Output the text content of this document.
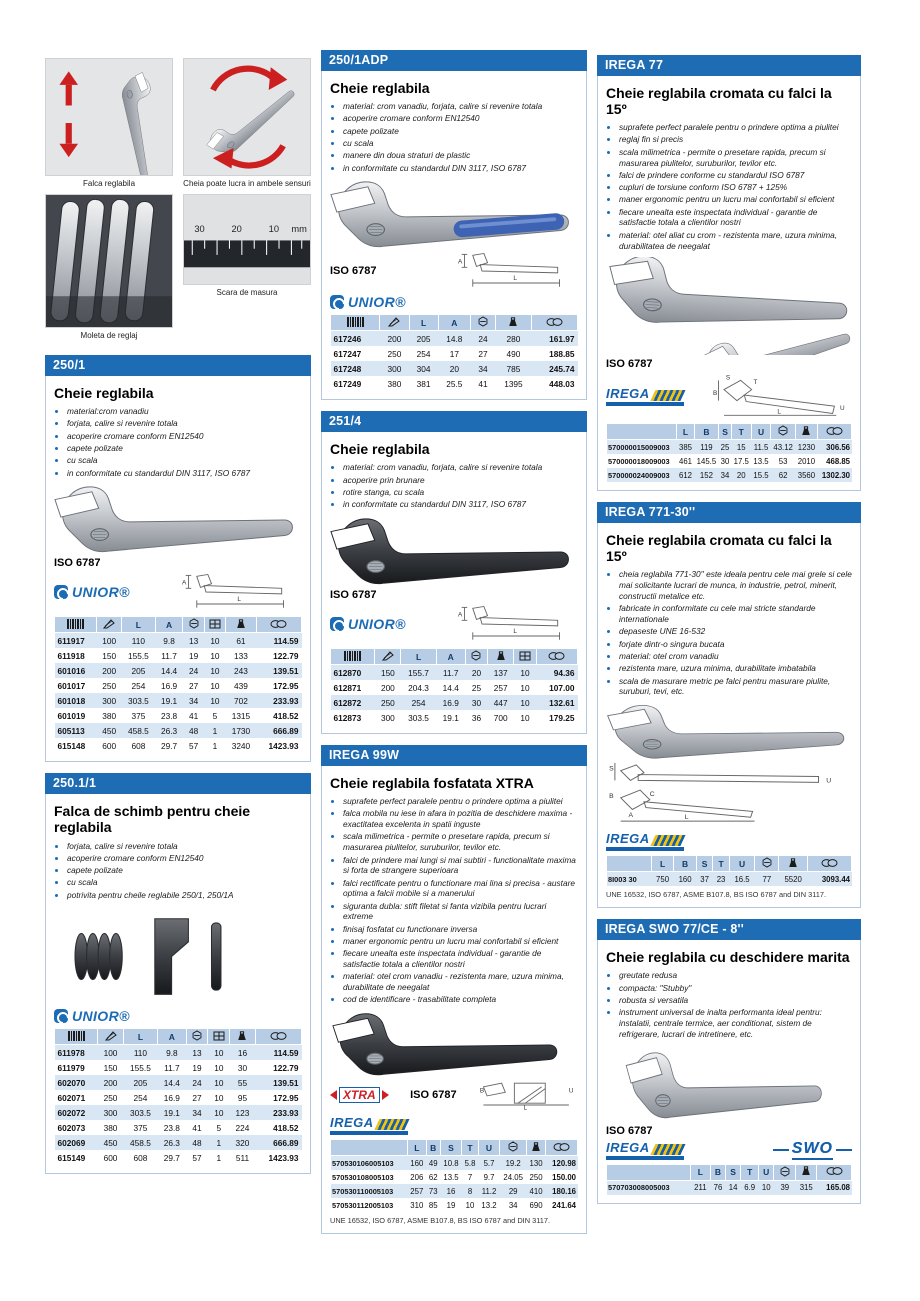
Falca reglabila	Cheia poate lucra in ambele sensuri
Moleta de reglaj
30	20	10 mm
Scara de masura
250/1
Cheie reglabila
• material:crom vanadiu
• forjata, calire si revenire totala
• acoperire cromare conform EN12540
• capete polizate
• cu scala
• in conformitate cu standardul DIN 3117, ISO 6787
ISO 6787
UNIOR®
A
L
		L	A				
611917	100	110	9.8	13	10	61	114.59
611918	150	155.5	11.7	19	10	133	122.79
601016	200	205	14.4	24	10	243	139.51
601017	250	254	16.9	27	10	439	172.95
601018	300	303.5	19.1	34	10	702	233.93
601019	380	375	23.8	41	5	1315	418.52
605113	450	458.5	26.3	48	1	1730	666.89
615148	600	608	29.7	57	1	3240	1423.93
250.1/1
Falca de schimb pentru cheie reglabila
• forjata, calire si revenire totala
• acoperire cromare conform EN12540
• capete polizate
• cu scala
• potrivita pentru cheile reglabile 250/1, 250/1A
UNIOR®
		L	A				
611978	100	110	9.8	13	10	16	114.59
611979	150	155.5	11.7	19	10	30	122.79
602070	200	205	14.4	24	10	55	139.51
602071	250	254	16.9	27	10	95	172.95
602072	300	303.5	19.1	34	10	123	233.93
602073	380	375	23.8	41	5	224	418.52
602069	450	458.5	26.3	48	1	320	666.89
615149	600	608	29.7	57	1	511	1423.93
250/1ADP
Cheie reglabila
• material: crom vanadiu, forjata, calire si revenire totala
• acoperire cromare conform EN12540
• capete polizate
• cu scala
• manere din doua straturi de plastic
• in conformitate cu standardul DIN 3117, ISO 6787
ISO 6787
A
L
UNIOR®
		L	A			
617246	200	205	14.8	24	280	161.97
617247	250	254	17	27	490	188.85
617248	300	304	20	34	785	245.74
617249	380	381	25.5	41	1395	448.03
251/4
Cheie reglabila
• material: crom vanadiu, forjata, calire si revenire totala
• acoperire prin brunare
• rotire stanga, cu scala
• in conformitate cu standardul DIN 3117, ISO 6787
ISO 6787
UNIOR®
A
L
		L	A				
612870	150	155.7	11.7	20	137	10	94.36
612871	200	204.3	14.4	25	257	10	107.00
612872	250	254	16.9	30	447	10	132.61
612873	300	303.5	19.1	36	700	10	179.25
IREGA 99W
Cheie reglabila fosfatata XTRA
• suprafete perfect paralele pentru o prindere optima a piulitei
• falca mobila nu iese in afara in pozitia de deschidere maxima - exactitatea excelenta in spatii inguste
• scala milimetrica - permite o presetare rapida, precum si masurarea piulitelor, suruburilor, tevilor etc.
• falci de prindere mai lungi si mai subtiri - functionalitate maxima si forta de strangere superioara
• falci rectificate pentru o functionare mai lina si precisa - austare optima a falcii mobile si a manerului
• siguranta dubla: stift filetat si fanta vizibila pentru lucrari extreme
• finisaj fosfatat cu functionare inversa
• maner ergonomic pentru un lucru mai confortabil si eficient
• fiecare unealta este inspectata individual - garantie de satisfactie totala a clientilor nostri
• material: otel crom vanadiu - rezistenta mare, uzura minima, durabilitate de neegalat
• cod de identificare - trasabilitate completa
XTRA	ISO 6787	B
L
U
IREGA
	L	B	S	T	U			
570530106005103	160	49	10.8	5.8	5.7	19.2	130	120.98
570530108005103	206	62	13.5	7	9.7	24.05	250	150.00
570530110005103	257	73	16	8	11.2	29	410	180.16
570530112005103	310	85	19	10	13.2	34	690	241.64
UNE 16532, ISO 6787, ASME B107.8, BS ISO 6787 and DIN 3117.
IREGA 77
Cheie reglabila cromata cu falci la 15º
• suprafete perfect paralele pentru o prindere optima a piulitei
• reglaj fin si precis
• scala milimetrica - permite o presetare rapida, precum si masurarea piulitelor, suruburilor, tevilor etc.
• falci de prindere conforme cu standardul ISO 6787
• cupluri de torsiune conform ISO 6787 + 125%
• maner ergonomic pentru un lucru mai confortabil si eficient
• fiecare unealta este inspectata individual - garantie de satisfactie totala a clientilor nostri
• material: otel aliat cu crom - rezistenta mare, uzura minima, durabilitatea de neegalat
ISO 6787
IREGA
S
T
U
B
L
	L	B	S	T	U			
570000015009003	385	119	25	15	11.5	43.12	1230	306.56
570000018009003	461	145.5	30	17.5	13.5	53	2010	468.85
570000024009003	612	152	34	20	15.5	62	3560	1302.30
IREGA 771-30''
Cheie reglabila cromata cu falci la 15º
• cheia reglabila 771-30'' este ideala pentru cele mai grele si cele mai solicitante lucrari de munca, in industrie, petrol, minerit, constructii metalice etc.
• fabricate in conformitate cu cele mai stricte standarde internationale
• depaseste UNE 16-532
• forjate dintr-o singura bucata
• material: otel crom vanadiu
• rezistenta mare, uzura minima, durabilitate imbatabila
• scala de masurare metric pe falci pentru masurare piulite, suruburi, tevi, etc.
S
U
L
B
A
C

IREGA
	L	B	S	T	U			
8I003 30	750	160	37	23	16.5	77	5520	3093.44
UNE 16532, ISO 6787, ASME B107.8, BS ISO 6787 and DIN 3117.
IREGA SWO 77/CE - 8''
Cheie reglabila cu deschidere marita
• greutate redusa
• compacta: "Stubby"
• robusta si versatila
• instrument universal de inalta performanta ideal pentru: instalatii, centrale termice, aer conditionat, sistem de refrigerare, lucrari de intretinere, etc.
ISO 6787
IREGA	SWO
	L	B	S	T	U			
570703008005003	211	76	14	6.9	10	39	315	165.08
